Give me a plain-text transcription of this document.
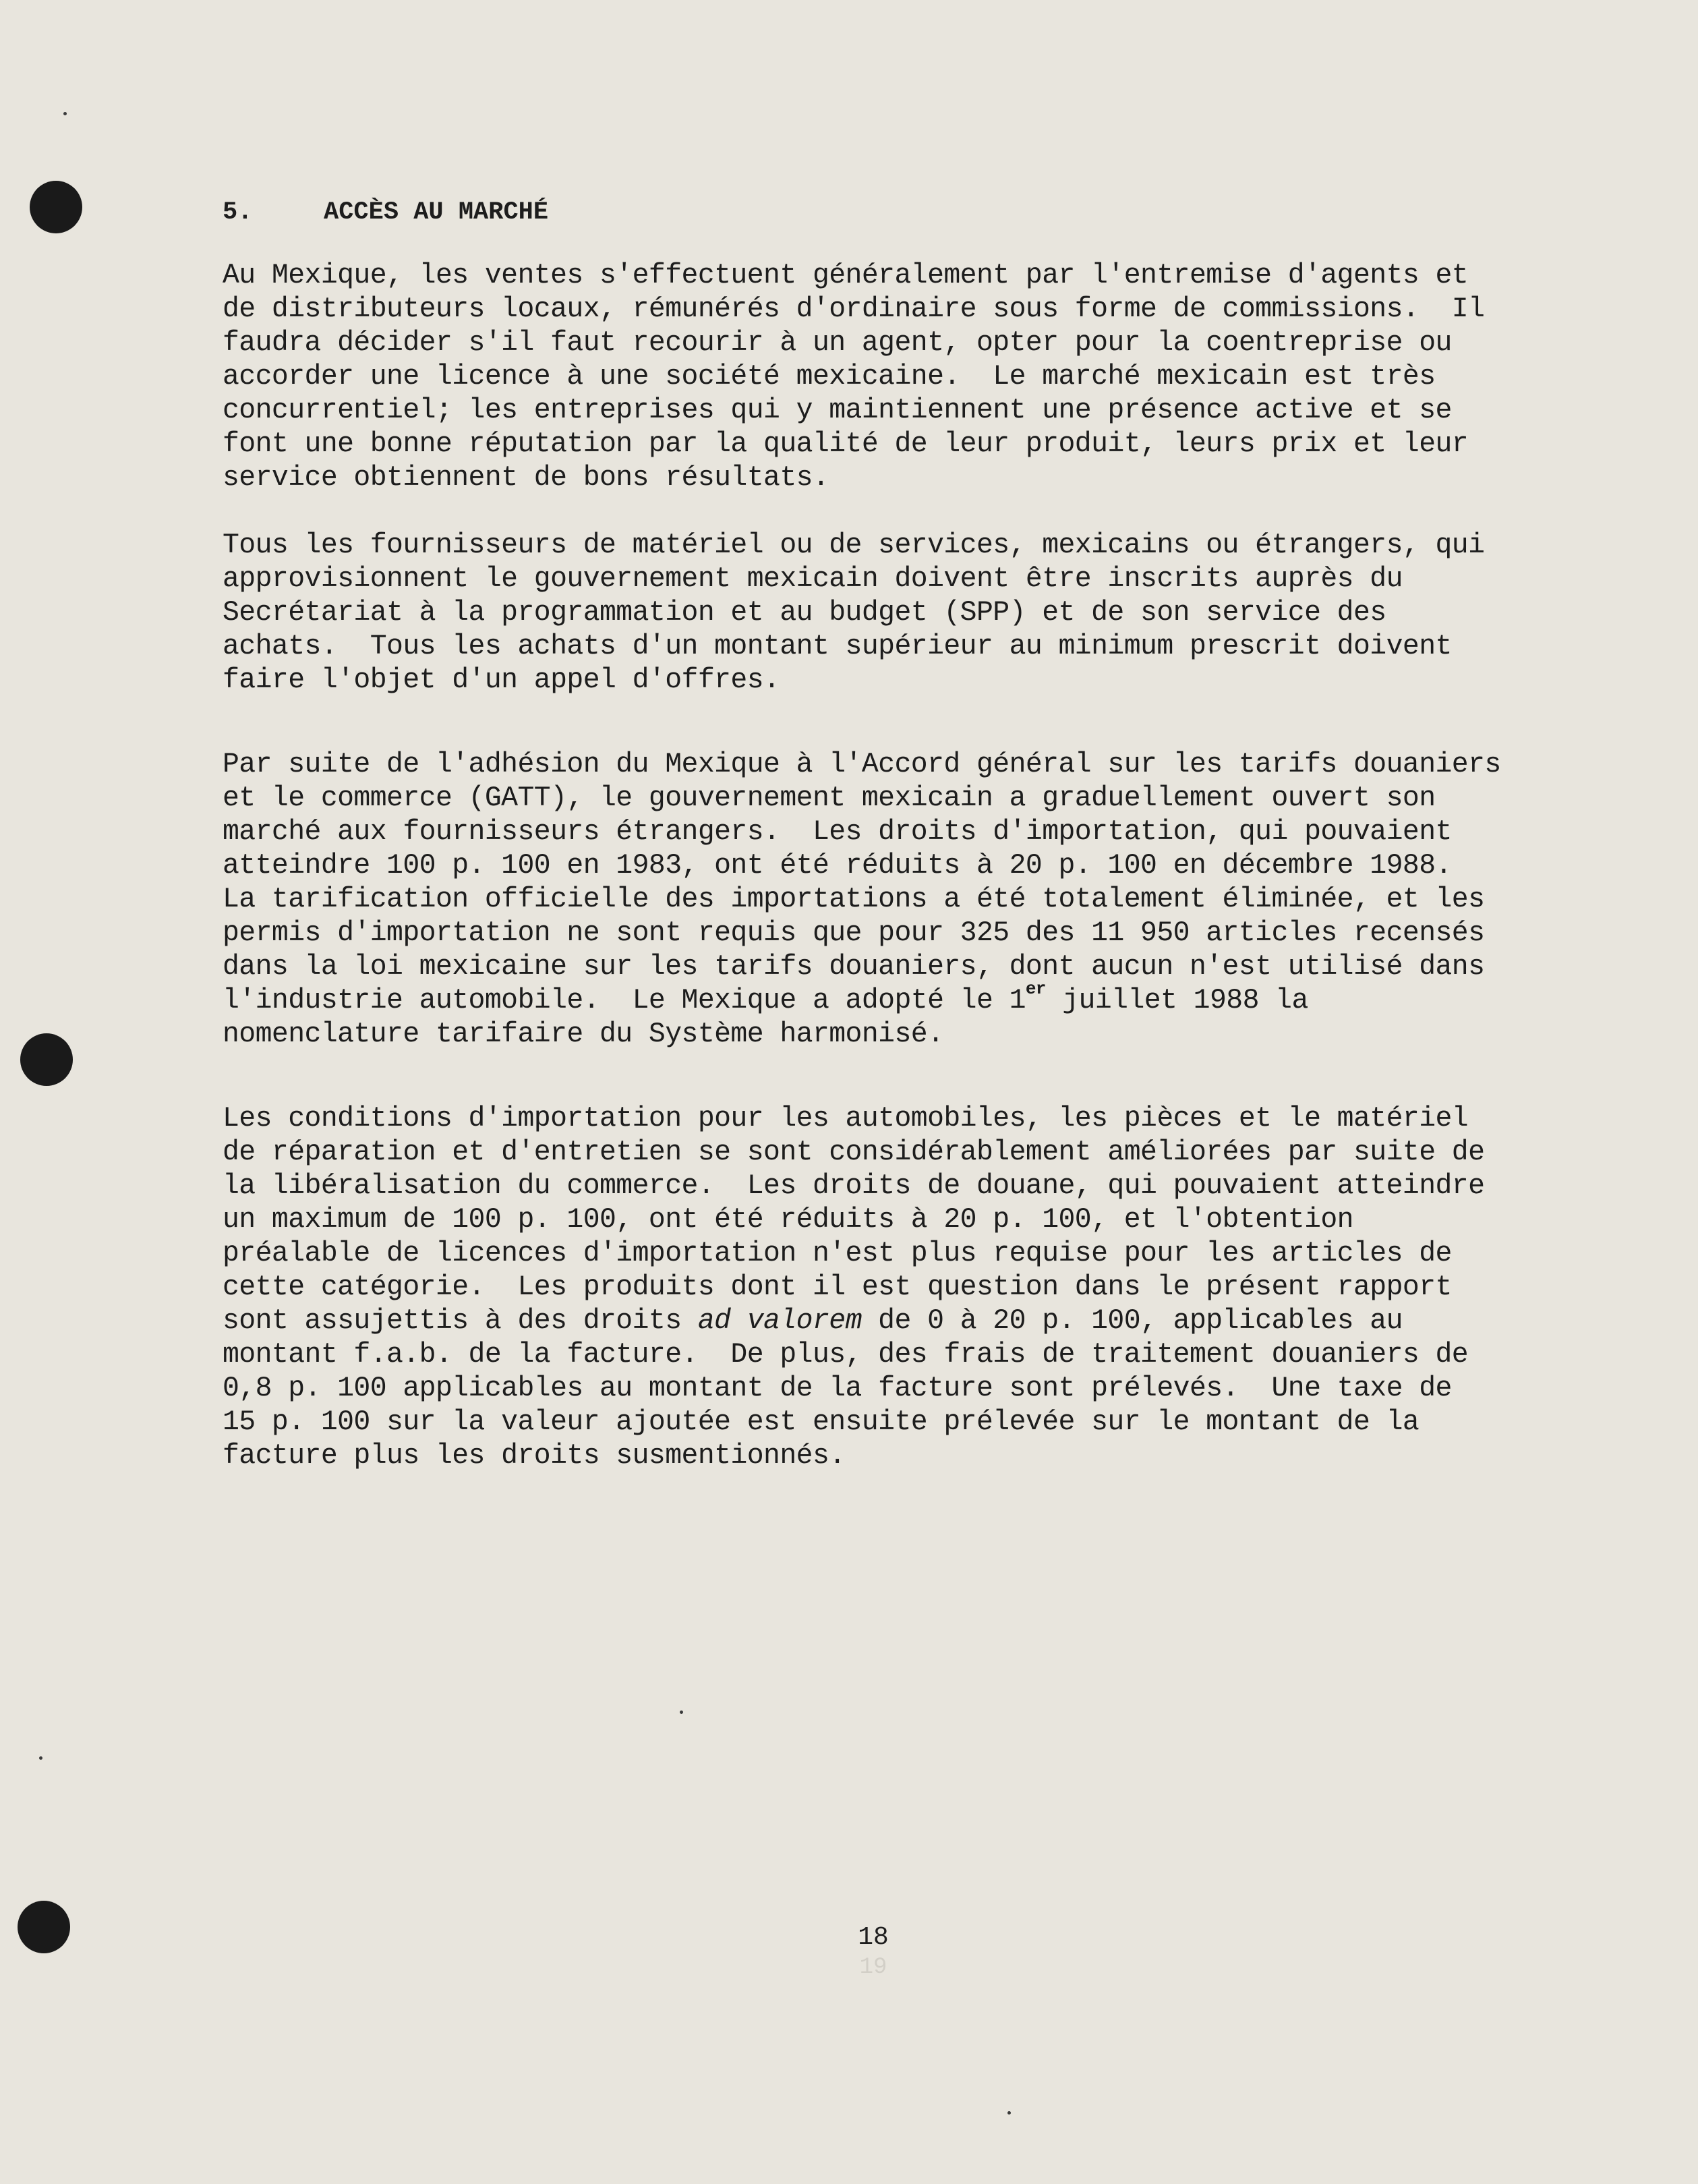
5.	ACCÈS AU MARCHÉ

Au Mexique, les ventes s'effectuent généralement par l'entremise d'agents et
de distributeurs locaux, rémunérés d'ordinaire sous forme de commissions.  Il
faudra décider s'il faut recourir à un agent, opter pour la coentreprise ou
accorder une licence à une société mexicaine.  Le marché mexicain est très
concurrentiel; les entreprises qui y maintiennent une présence active et se
font une bonne réputation par la qualité de leur produit, leurs prix et leur
service obtiennent de bons résultats.

Tous les fournisseurs de matériel ou de services, mexicains ou étrangers, qui
approvisionnent le gouvernement mexicain doivent être inscrits auprès du
Secrétariat à la programmation et au budget (SPP) et de son service des
achats.  Tous les achats d'un montant supérieur au minimum prescrit doivent
faire l'objet d'un appel d'offres.

Par suite de l'adhésion du Mexique à l'Accord général sur les tarifs douaniers
et le commerce (GATT), le gouvernement mexicain a graduellement ouvert son
marché aux fournisseurs étrangers.  Les droits d'importation, qui pouvaient
atteindre 100 p. 100 en 1983, ont été réduits à 20 p. 100 en décembre 1988.
La tarification officielle des importations a été totalement éliminée, et les
permis d'importation ne sont requis que pour 325 des 11 950 articles recensés
dans la loi mexicaine sur les tarifs douaniers, dont aucun n'est utilisé dans
l'industrie automobile.  Le Mexique a adopté le 1er juillet 1988 la
nomenclature tarifaire du Système harmonisé.

Les conditions d'importation pour les automobiles, les pièces et le matériel
de réparation et d'entretien se sont considérablement améliorées par suite de
la libéralisation du commerce.  Les droits de douane, qui pouvaient atteindre
un maximum de 100 p. 100, ont été réduits à 20 p. 100, et l'obtention
préalable de licences d'importation n'est plus requise pour les articles de
cette catégorie.  Les produits dont il est question dans le présent rapport
sont assujettis à des droits ad valorem de 0 à 20 p. 100, applicables au
montant f.a.b. de la facture.  De plus, des frais de traitement douaniers de
0,8 p. 100 applicables au montant de la facture sont prélevés.  Une taxe de
15 p. 100 sur la valeur ajoutée est ensuite prélevée sur le montant de la
facture plus les droits susmentionnés.

18
19
